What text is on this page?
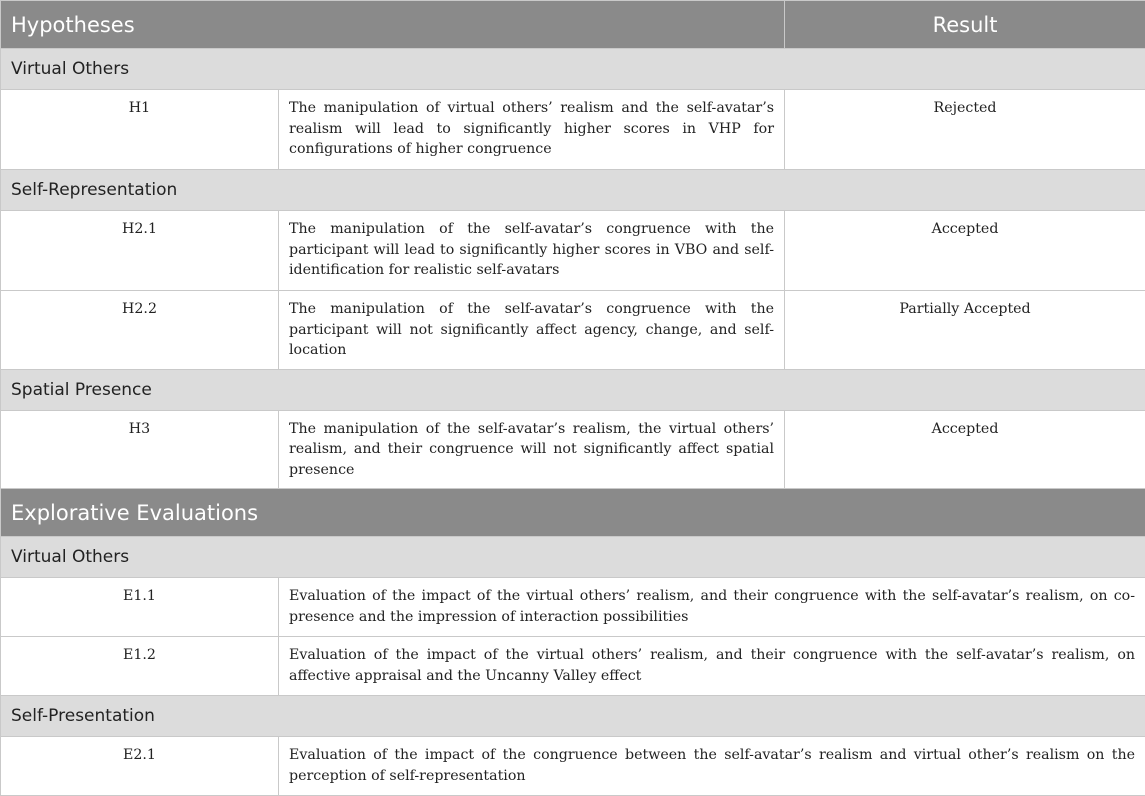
Hypotheses		Result
Virtual Others		
H1	The manipulation of virtual others’ realism and the self-avatar’s realism will lead to significantly higher scores in VHP for configurations of higher congruence	Rejected
Self-Representation		
H2.1	The manipulation of the self-avatar’s congruence with the participant will lead to significantly higher scores in VBO and self-identification for realistic self-avatars	Accepted
H2.2	The manipulation of the self-avatar’s congruence with the participant will not significantly affect agency, change, and self-location	Partially Accepted
Spatial Presence		
H3	The manipulation of the self-avatar’s realism, the virtual others’ realism, and their congruence will not significantly affect spatial presence	Accepted
Explorative Evaluations		
Virtual Others		
E1.1	Evaluation of the impact of the virtual others’ realism, and their congruence with the self-avatar’s realism, on co-presence and the impression of interaction possibilities	
E1.2	Evaluation of the impact of the virtual others’ realism, and their congruence with the self-avatar’s realism, on affective appraisal and the Uncanny Valley effect	
Self-Presentation		
E2.1	Evaluation of the impact of the congruence between the self-avatar’s realism and virtual other’s realism on the perception of self-representation	
